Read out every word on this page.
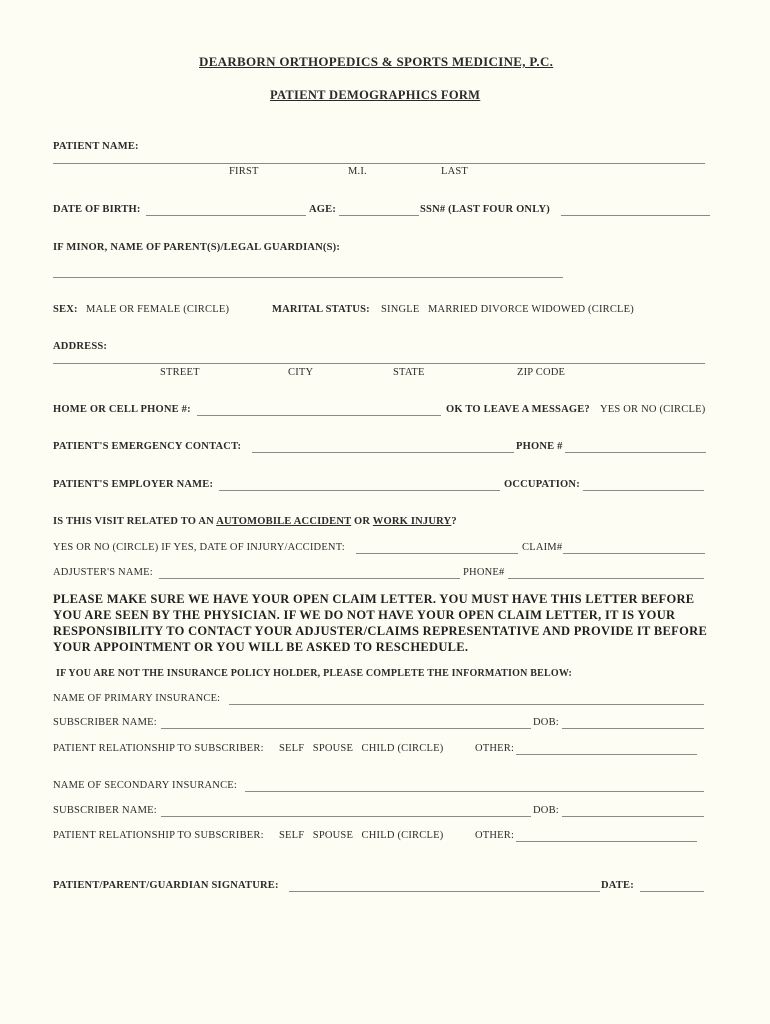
DEARBORN ORTHOPEDICS & SPORTS MEDICINE, P.C.
PATIENT DEMOGRAPHICS FORM
PATIENT NAME:
FIRST	M.I.	LAST
DATE OF BIRTH:	AGE:	SSN# (LAST FOUR ONLY)
IF MINOR, NAME OF PARENT(S)/LEGAL GUARDIAN(S):
SEX: MALE OR FEMALE (CIRCLE)	MARITAL STATUS: SINGLE   MARRIED DIVORCE WIDOWED (CIRCLE)
ADDRESS:
STREET	CITY	STATE	ZIP CODE
HOME OR CELL PHONE #:	OK TO LEAVE A MESSAGE? YES OR NO (CIRCLE)
PATIENT'S EMERGENCY CONTACT:	PHONE #
PATIENT'S EMPLOYER NAME:	OCCUPATION:
IS THIS VISIT RELATED TO AN AUTOMOBILE ACCIDENT OR WORK INJURY?
YES OR NO (CIRCLE) IF YES, DATE OF INJURY/ACCIDENT:	CLAIM#
ADJUSTER'S NAME:	PHONE#
PLEASE MAKE SURE WE HAVE YOUR OPEN CLAIM LETTER. YOU MUST HAVE THIS LETTER BEFORE YOU ARE SEEN BY THE PHYSICIAN. IF WE DO NOT HAVE YOUR OPEN CLAIM LETTER, IT IS YOUR RESPONSIBILITY TO CONTACT YOUR ADJUSTER/CLAIMS REPRESENTATIVE AND PROVIDE IT BEFORE YOUR APPOINTMENT OR YOU WILL BE ASKED TO RESCHEDULE.
IF YOU ARE NOT THE INSURANCE POLICY HOLDER, PLEASE COMPLETE THE INFORMATION BELOW:
NAME OF PRIMARY INSURANCE:
SUBSCRIBER NAME:	DOB:
PATIENT RELATIONSHIP TO SUBSCRIBER: SELF   SPOUSE   CHILD (CIRCLE)	OTHER:
NAME OF SECONDARY INSURANCE:
SUBSCRIBER NAME:	DOB:
PATIENT RELATIONSHIP TO SUBSCRIBER: SELF   SPOUSE   CHILD (CIRCLE)	OTHER:
PATIENT/PARENT/GUARDIAN SIGNATURE:	DATE:
